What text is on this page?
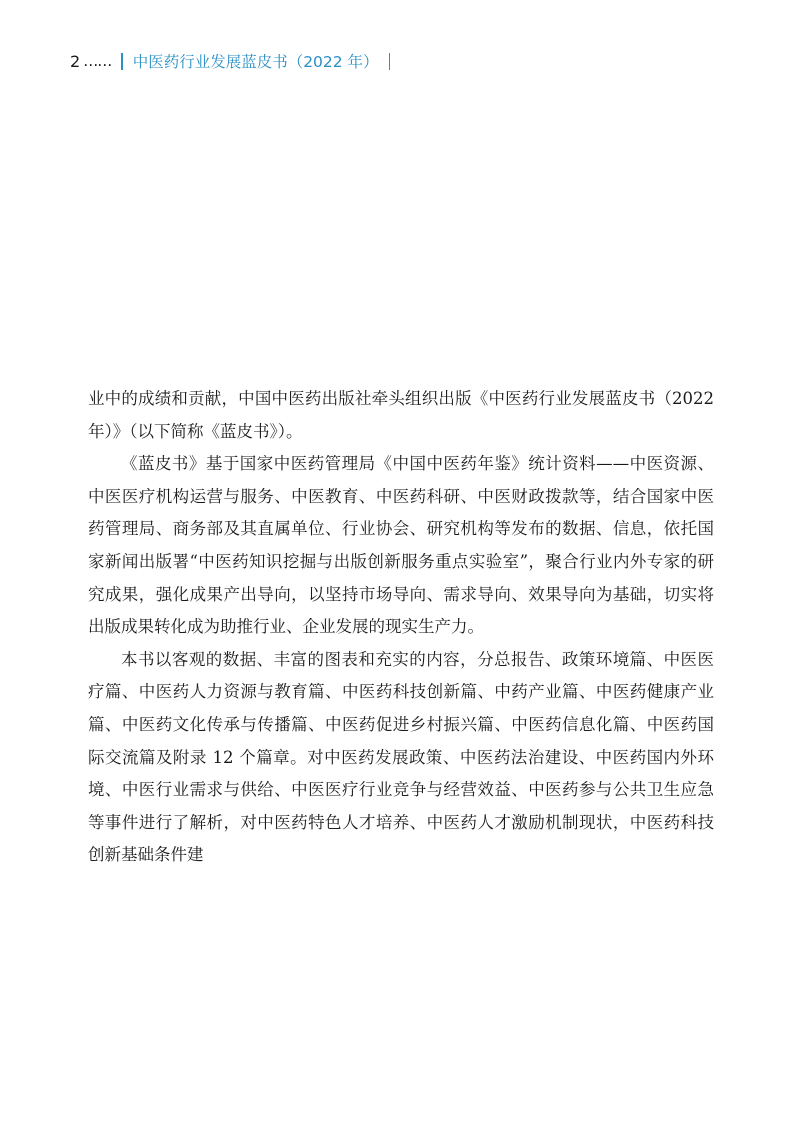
2 …… 中医药行业发展蓝皮书（2022 年）

业中的成绩和贡献，中国中医药出版社牵头组织出版《中医药行业发展蓝皮书（2022 年）》（以下简称《蓝皮书》）。

《蓝皮书》基于国家中医药管理局《中国中医药年鉴》统计资料——中医资源、中医医疗机构运营与服务、中医教育、中医药科研、中医财政拨款等，结合国家中医药管理局、商务部及其直属单位、行业协会、研究机构等发布的数据、信息，依托国家新闻出版署“中医药知识挖掘与出版创新服务重点实验室”，聚合行业内外专家的研究成果，强化成果产出导向，以坚持市场导向、需求导向、效果导向为基础，切实将出版成果转化成为助推行业、企业发展的现实生产力。

本书以客观的数据、丰富的图表和充实的内容，分总报告、政策环境篇、中医医疗篇、中医药人力资源与教育篇、中医药科技创新篇、中药产业篇、中医药健康产业篇、中医药文化传承与传播篇、中医药促进乡村振兴篇、中医药信息化篇、中医药国际交流篇及附录 12 个篇章。对中医药发展政策、中医药法治建设、中医药国内外环境、中医行业需求与供给、中医医疗行业竞争与经营效益、中医药参与公共卫生应急等事件进行了解析，对中医药特色人才培养、中医药人才激励机制现状，中医药科技创新基础条件建
